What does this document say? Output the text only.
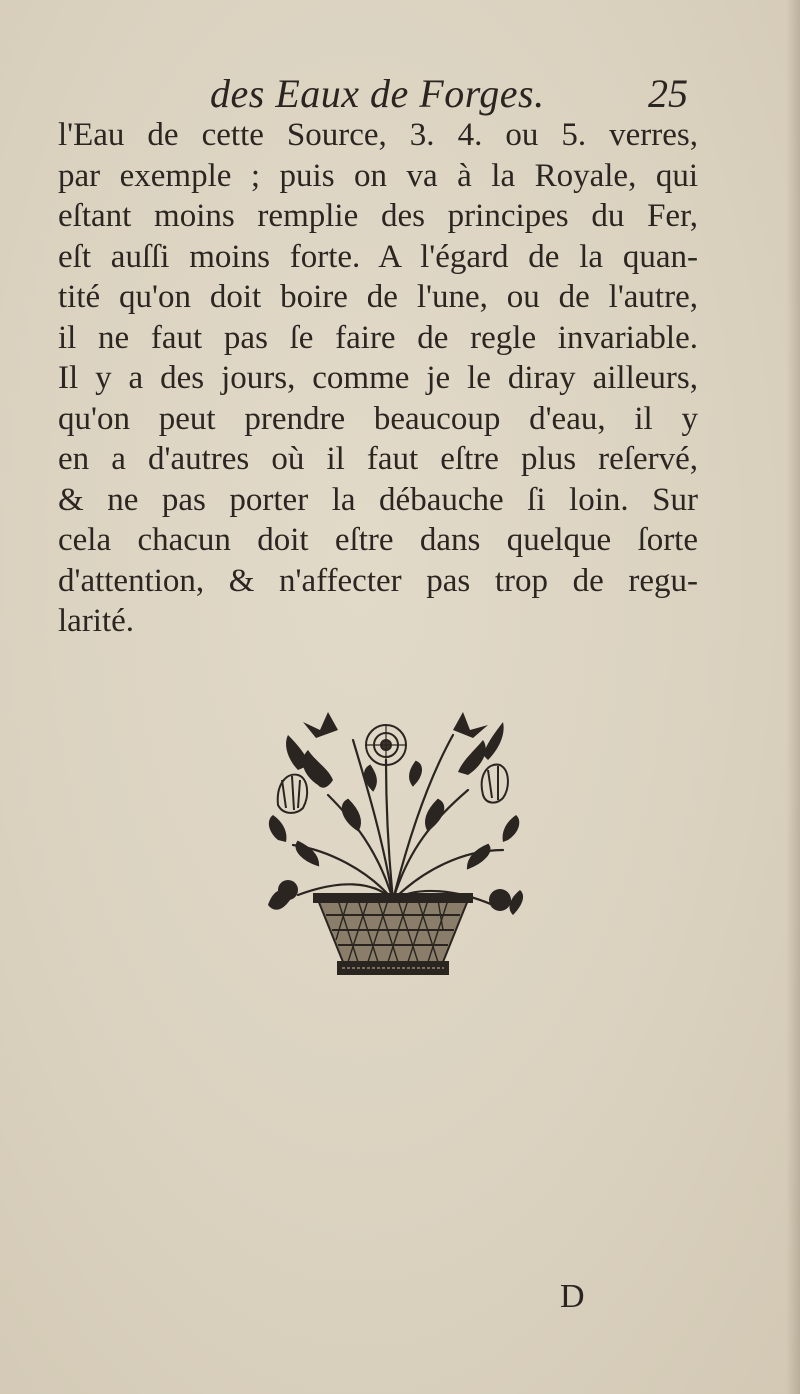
des Eaux de Forges.	25
l'Eau de cette Source, 3. 4. ou 5. verres,
par exemple ; puis on va à la Royale, qui
eſtant moins remplie des principes du Fer,
eſt auſſi moins forte. A l'égard de la quan-
tité qu'on doit boire de l'une, ou de l'autre,
il ne faut pas ſe faire de regle invariable.
Il y a des jours, comme je le diray ailleurs,
qu'on peut prendre beaucoup d'eau, il y
en a d'autres où il faut eſtre plus reſervé,
& ne pas porter la débauche ſi loin. Sur
cela chacun doit eſtre dans quelque ſorte
d'attention, & n'affecter pas trop de regu-
larité.
D
